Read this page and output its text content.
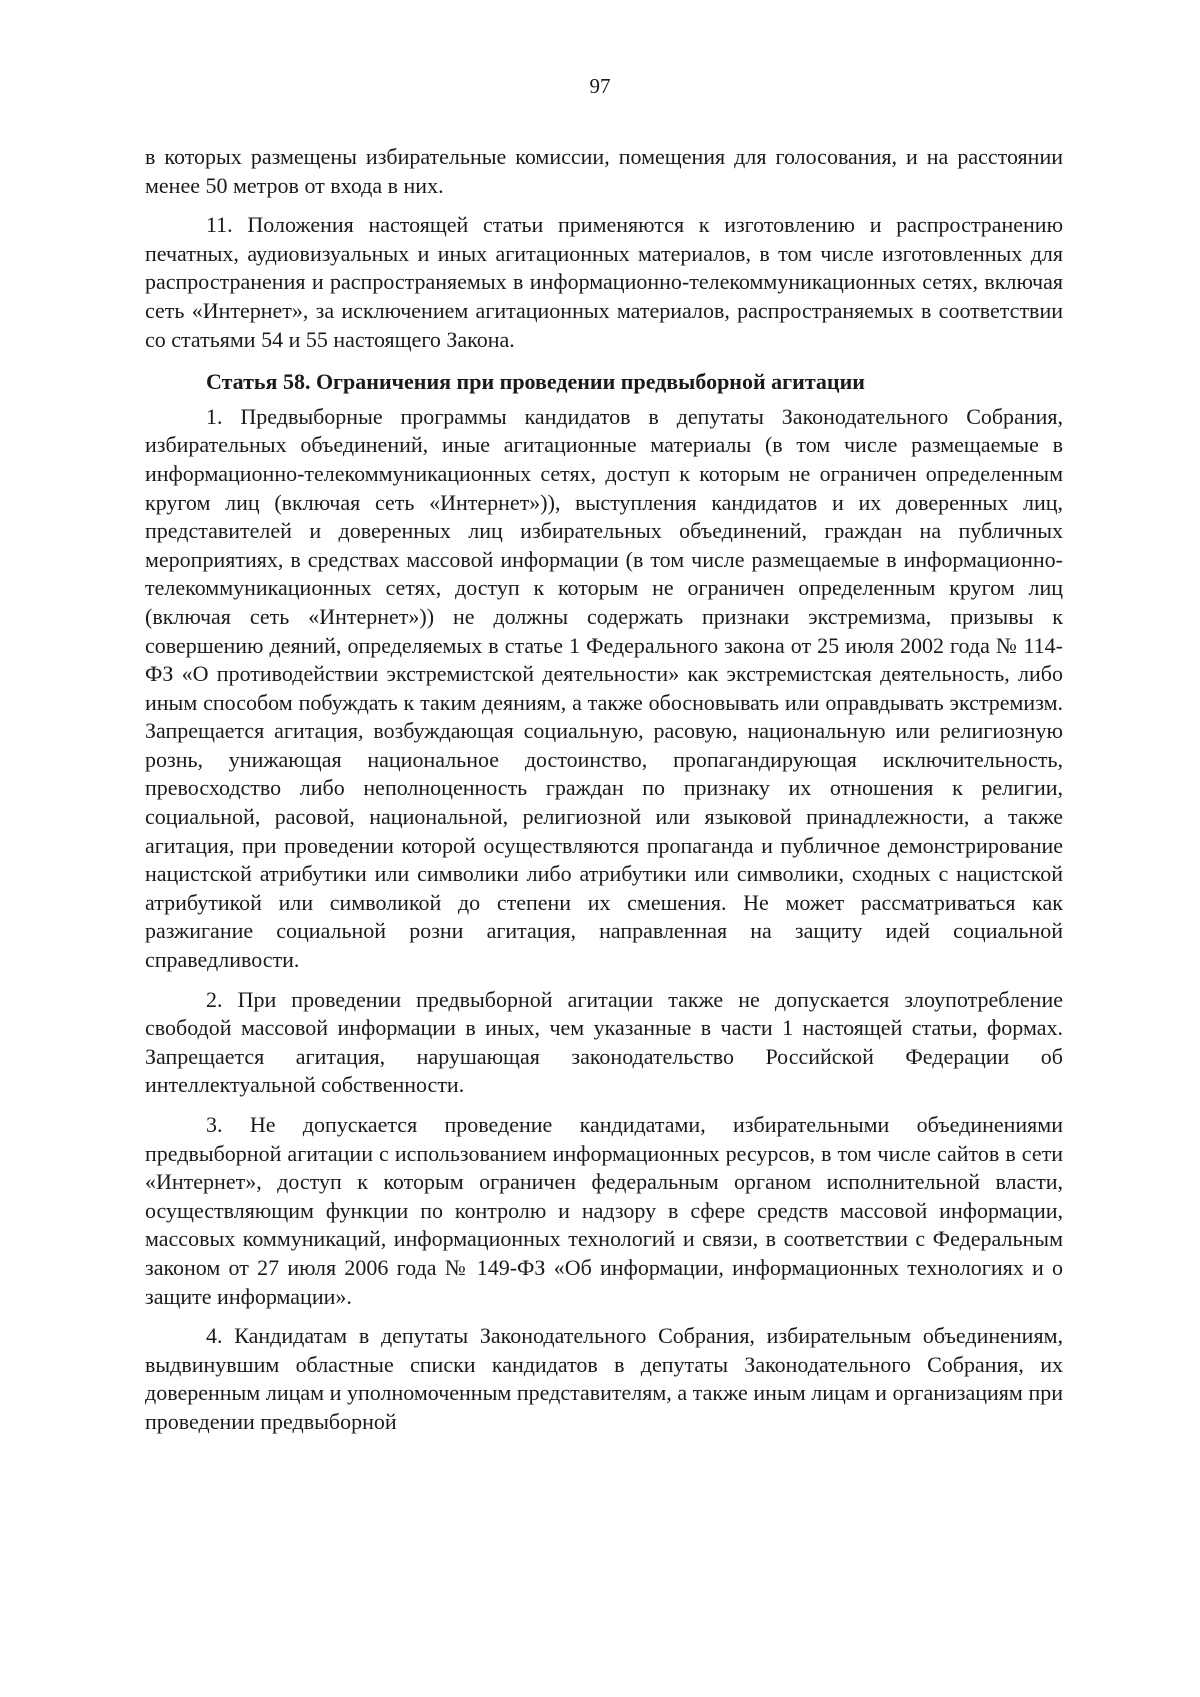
97

в которых размещены избирательные комиссии, помещения для голосования, и на расстоянии менее 50 метров от входа в них.

11. Положения настоящей статьи применяются к изготовлению и распространению печатных, аудиовизуальных и иных агитационных материалов, в том числе изготовленных для распространения и распространяемых в информационно-телекоммуникационных сетях, включая сеть «Интернет», за исключением агитационных материалов, распространяемых в соответствии со статьями 54 и 55 настоящего Закона.

Статья 58. Ограничения при проведении предвыборной агитации

1. Предвыборные программы кандидатов в депутаты Законодательного Собрания, избирательных объединений, иные агитационные материалы (в том числе размещаемые в информационно-телекоммуникационных сетях, доступ к которым не ограничен определенным кругом лиц (включая сеть «Интернет»)), выступления кандидатов и их доверенных лиц, представителей и доверенных лиц избирательных объединений, граждан на публичных мероприятиях, в средствах массовой информации (в том числе размещаемые в информационно-телекоммуникационных сетях, доступ к которым не ограничен определенным кругом лиц (включая сеть «Интернет»)) не должны содержать признаки экстремизма, призывы к совершению деяний, определяемых в статье 1 Федерального закона от 25 июля 2002 года № 114-ФЗ «О противодействии экстремистской деятельности» как экстремистская деятельность, либо иным способом побуждать к таким деяниям, а также обосновывать или оправдывать экстремизм. Запрещается агитация, возбуждающая социальную, расовую, национальную или религиозную рознь, унижающая национальное достоинство, пропагандирующая исключительность, превосходство либо неполноценность граждан по признаку их отношения к религии, социальной, расовой, национальной, религиозной или языковой принадлежности, а также агитация, при проведении которой осуществляются пропаганда и публичное демонстрирование нацистской атрибутики или символики либо атрибутики или символики, сходных с нацистской атрибутикой или символикой до степени их смешения. Не может рассматриваться как разжигание социальной розни агитация, направленная на защиту идей социальной справедливости.

2. При проведении предвыборной агитации также не допускается злоупотребление свободой массовой информации в иных, чем указанные в части 1 настоящей статьи, формах. Запрещается агитация, нарушающая законодательство Российской Федерации об интеллектуальной собственности.

3. Не допускается проведение кандидатами, избирательными объединениями предвыборной агитации с использованием информационных ресурсов, в том числе сайтов в сети «Интернет», доступ к которым ограничен федеральным органом исполнительной власти, осуществляющим функции по контролю и надзору в сфере средств массовой информации, массовых коммуникаций, информационных технологий и связи, в соответствии с Федеральным законом от 27 июля 2006 года № 149-ФЗ «Об информации, информационных технологиях и о защите информации».

4. Кандидатам в депутаты Законодательного Собрания, избирательным объединениям, выдвинувшим областные списки кандидатов в депутаты Законодательного Собрания, их доверенным лицам и уполномоченным представителям, а также иным лицам и организациям при проведении предвыборной
